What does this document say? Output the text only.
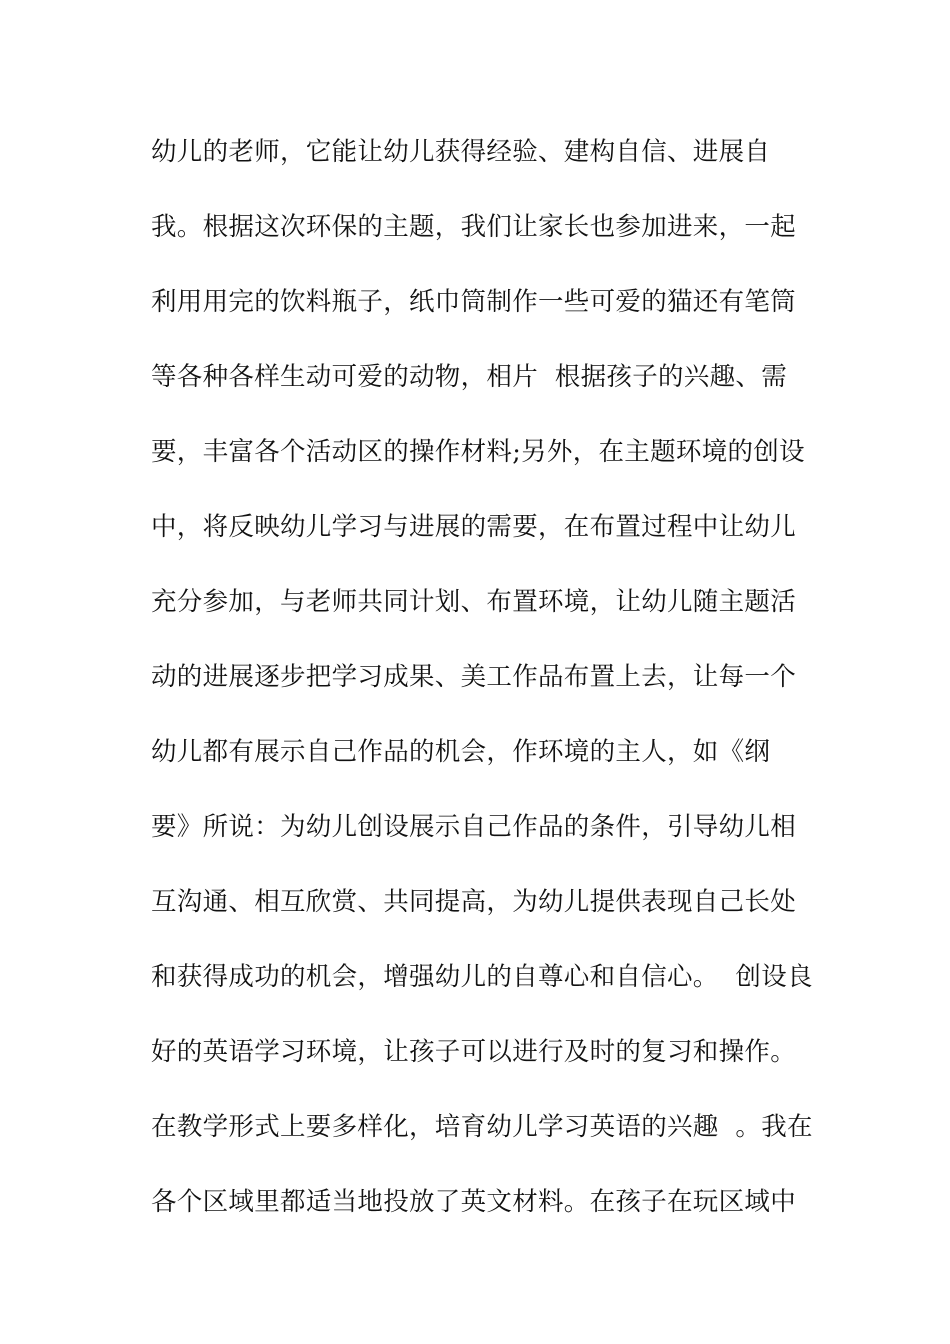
幼儿的老师，它能让幼儿获得经验、建构自信、进展自
我。根据这次环保的主题，我们让家长也参加进来，一起
利用用完的饮料瓶子，纸巾筒制作一些可爱的猫还有笔筒
等各种各样生动可爱的动物，相片  根据孩子的兴趣、需
要，丰富各个活动区的操作材料;另外，在主题环境的创设
中，将反映幼儿学习与进展的需要，在布置过程中让幼儿
充分参加，与老师共同计划、布置环境，让幼儿随主题活
动的进展逐步把学习成果、美工作品布置上去，让每一个
幼儿都有展示自己作品的机会，作环境的主人，如《纲
要》所说：为幼儿创设展示自己作品的条件，引导幼儿相
互沟通、相互欣赏、共同提高，为幼儿提供表现自己长处
和获得成功的机会，增强幼儿的自尊心和自信心。  创设良
好的英语学习环境，让孩子可以进行及时的复习和操作。
在教学形式上要多样化，培育幼儿学习英语的兴趣  。我在
各个区域里都适当地投放了英文材料。在孩子在玩区域中
